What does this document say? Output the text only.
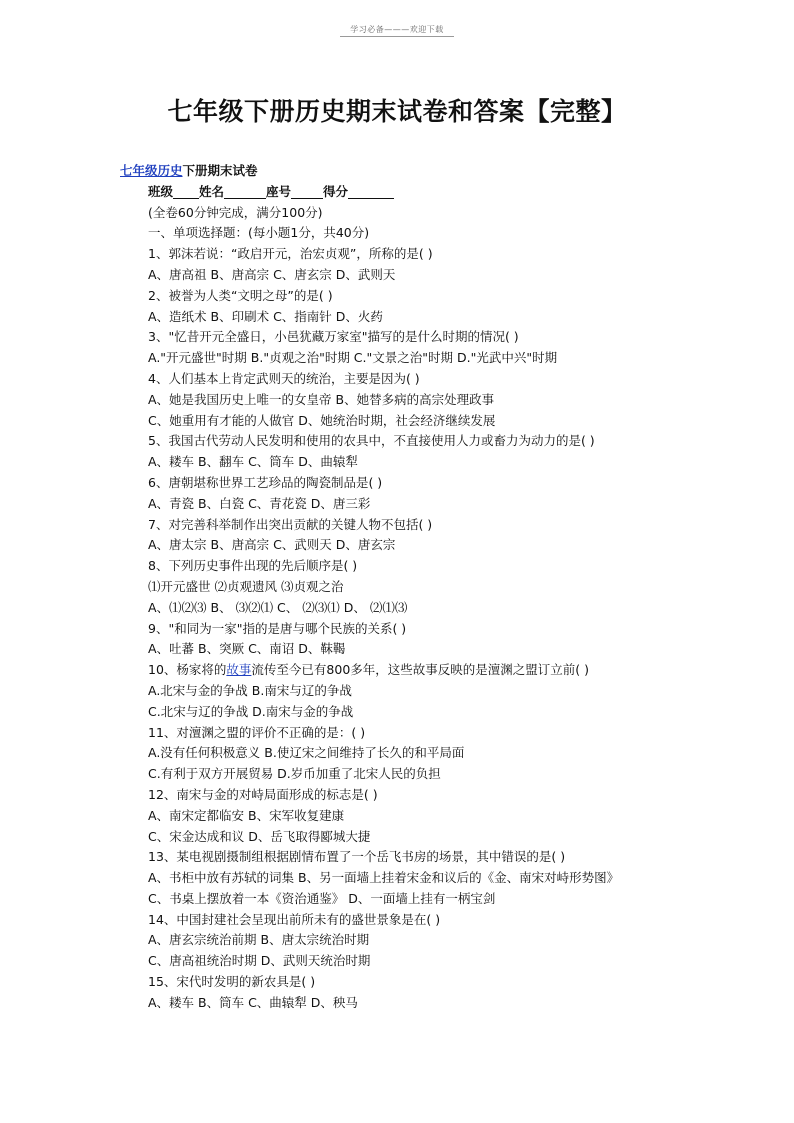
学习必备———欢迎下载
七年级下册历史期末试卷和答案【完整】
七年级历史下册期末试卷
班级 姓名	座号	得分
(全卷60分钟完成，满分100分)
一、单项选择题：(每小题1分，共40分)
1、郭沫若说：“政启开元，治宏贞观”，所称的是( )
A、唐高祖 B、唐高宗 C、唐玄宗 D、武则天
2、被誉为人类“文明之母”的是( )
A、造纸术 B、印刷术 C、指南针 D、火药
3、"忆昔开元全盛日，小邑犹藏万家室"描写的是什么时期的情况( )
A."开元盛世"时期 B."贞观之治"时期 C."文景之治"时期 D."光武中兴"时期
4、人们基本上肯定武则天的统治，主要是因为( )
A、她是我国历史上唯一的女皇帝 B、她替多病的高宗处理政事
C、她重用有才能的人做官 D、她统治时期，社会经济继续发展
5、我国古代劳动人民发明和使用的农具中，不直接使用人力或畜力为动力的是( )
A、耧车 B、翻车 C、筒车 D、曲辕犁
6、唐朝堪称世界工艺珍品的陶瓷制品是( )
A、青瓷 B、白瓷 C、青花瓷 D、唐三彩
7、对完善科举制作出突出贡献的关键人物不包括( )
A、唐太宗 B、唐高宗 C、武则天 D、唐玄宗
8、下列历史事件出现的先后顺序是( )
⑴开元盛世 ⑵贞观遗风 ⑶贞观之治
A、⑴⑵⑶ B、 ⑶⑵⑴ C、 ⑵⑶⑴ D、 ⑵⑴⑶
9、"和同为一家"指的是唐与哪个民族的关系( )
A、吐蕃 B、突厥 C、南诏 D、靺鞨
10、杨家将的故事流传至今已有800多年，这些故事反映的是澶渊之盟订立前( )
A.北宋与金的争战 B.南宋与辽的争战
C.北宋与辽的争战 D.南宋与金的争战
11、对澶渊之盟的评价不正确的是：( )
A.没有任何积极意义 B.使辽宋之间维持了长久的和平局面
C.有利于双方开展贸易 D.岁币加重了北宋人民的负担
12、南宋与金的对峙局面形成的标志是( )
A、南宋定都临安 B、宋军收复建康
C、宋金达成和议 D、岳飞取得郾城大捷
13、某电视剧摄制组根据剧情布置了一个岳飞书房的场景，其中错误的是( )
A、书柜中放有苏轼的词集 B、另一面墙上挂着宋金和议后的《金、南宋对峙形势图》
C、书桌上摆放着一本《资治通鉴》 D、一面墙上挂有一柄宝剑
14、中国封建社会呈现出前所未有的盛世景象是在( )
A、唐玄宗统治前期 B、唐太宗统治时期
C、唐高祖统治时期 D、武则天统治时期
15、宋代时发明的新农具是( )
A、耧车 B、筒车 C、曲辕犁 D、秧马
